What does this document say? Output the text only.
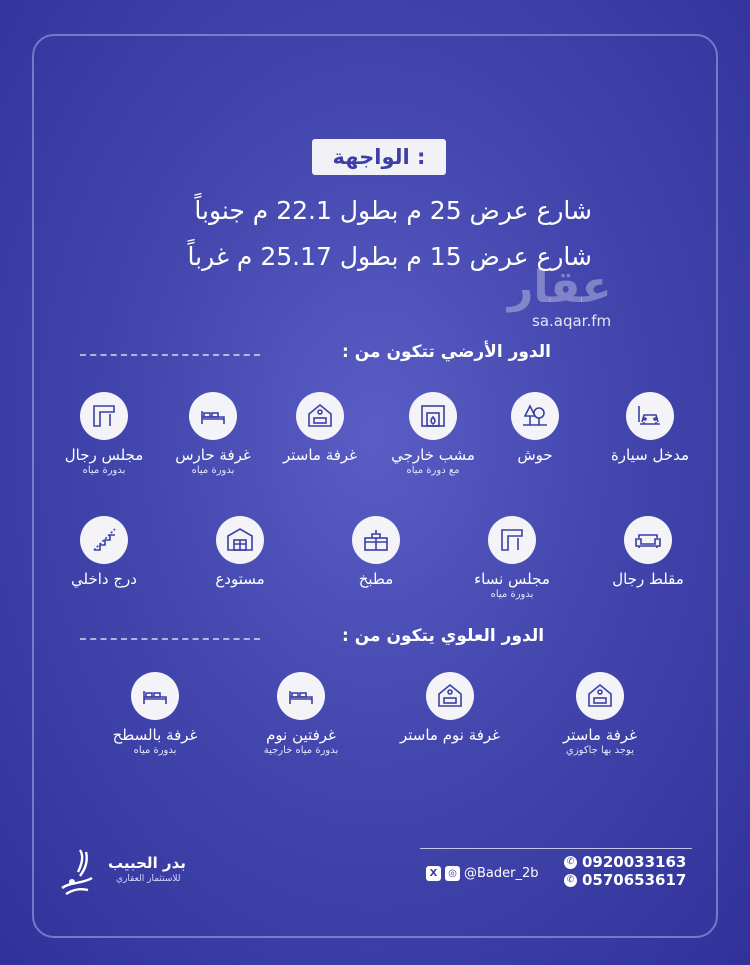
الواجهة :
شارع عرض 25 م بطول 22.1 م جنوباً
شارع عرض 15 م بطول 25.17 م غرباً
عقار
sa.aqar.fm
الدور الأرضي تتكون من :
مدخل سيارة
حوش
مشب خارجي
مع دورة مياه
غرفة ماستر
غرفة حارس
بدورة مياه
مجلس رجال
بدورة مياه
مقلط رجال
مجلس نساء
بدورة مياه
مطبخ
مستودع
درج داخلي
الدور العلوي يتكون من :
غرفة ماستر
يوجد بها جاكوزي
غرفة نوم ماستر
غرفتين نوم
بدورة مياه خارجية
غرفة بالسطح
بدورة مياه
✆ 0920033163
✆ 0570653617
X	◎ @Bader_2b
بدر الحبيب
للاستثمار العقاري
